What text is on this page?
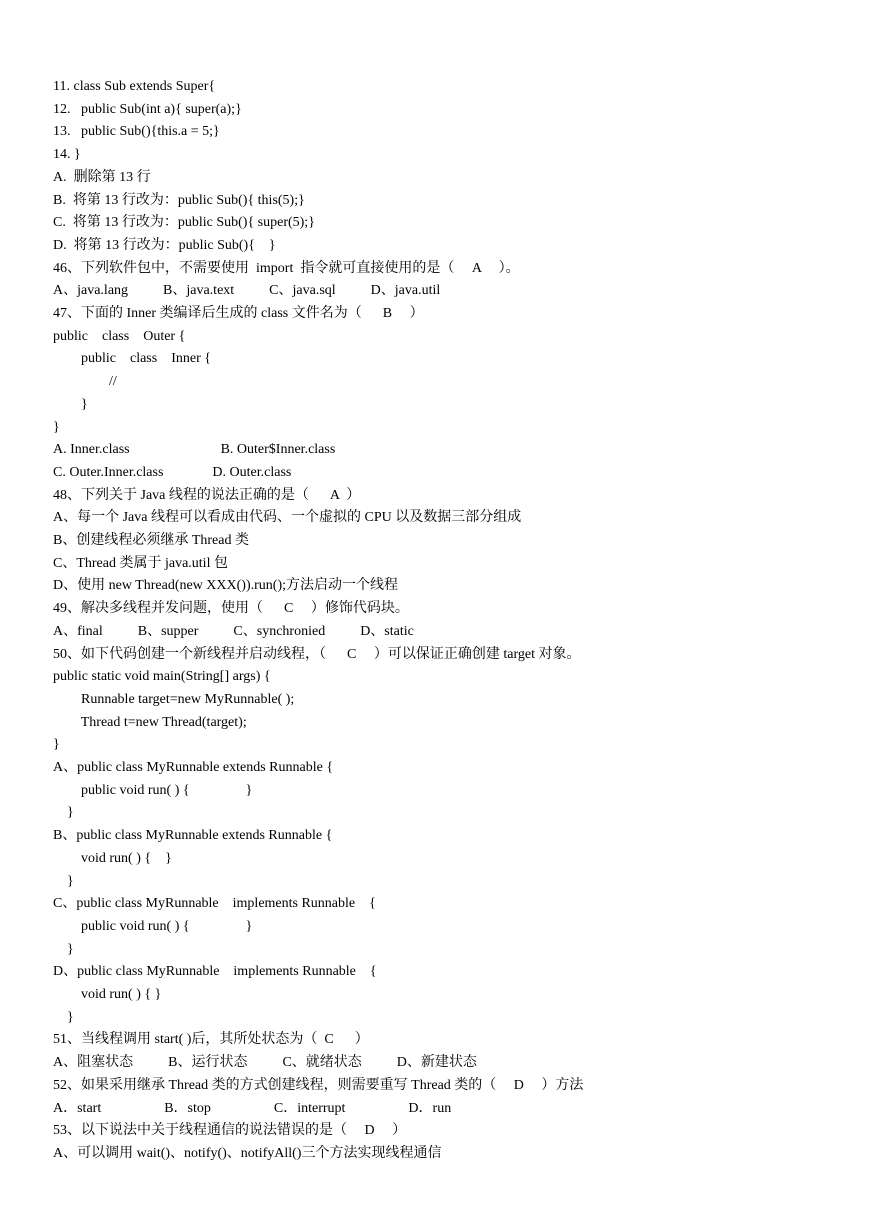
11. class Sub extends Super{
12.   public Sub(int a){ super(a);}
13.   public Sub(){this.a = 5;}
14. }
A.  删除第 13 行
B.  将第 13 行改为：public Sub(){ this(5);}
C.  将第 13 行改为：public Sub(){ super(5);}
D.  将第 13 行改为：public Sub(){    }
46、下列软件包中，不需要使用  import  指令就可直接使用的是（     A     ）。
A、java.lang          B、java.text          C、java.sql          D、java.util
47、下面的 Inner 类编译后生成的 class 文件名为（      B     ）
public    class    Outer {
public    class    Inner {
//
}
}
A. Inner.class                          B. Outer$Inner.class
C. Outer.Inner.class              D. Outer.class
48、下列关于 Java 线程的说法正确的是（      A  ）
A、每一个 Java 线程可以看成由代码、一个虚拟的 CPU 以及数据三部分组成
B、创建线程必须继承 Thread 类
C、Thread 类属于 java.util 包
D、使用 new Thread(new XXX()).run();方法启动一个线程
49、解决多线程并发问题，使用（      C     ）修饰代码块。
A、final          B、supper          C、synchronied          D、static
50、如下代码创建一个新线程并启动线程，（      C     ）可以保证正确创建 target 对象。
public static void main(String[] args) {
Runnable target=new MyRunnable( );
Thread t=new Thread(target);
}
A、public class MyRunnable extends Runnable {
public void run( ) {                }
}
B、public class MyRunnable extends Runnable {
void run( ) {    }
}
C、public class MyRunnable    implements Runnable    {
public void run( ) {                }
}
D、public class MyRunnable    implements Runnable    {
void run( ) { }
}
51、当线程调用 start( )后，其所处状态为（  C      ）
A、阻塞状态          B、运行状态          C、就绪状态          D、新建状态
52、如果采用继承 Thread 类的方式创建线程，则需要重写 Thread 类的（     D     ）方法
A．start                  B．stop                  C．interrupt                  D．run
53、以下说法中关于线程通信的说法错误的是（     D     ）
A、可以调用 wait()、notify()、notifyAll()三个方法实现线程通信
